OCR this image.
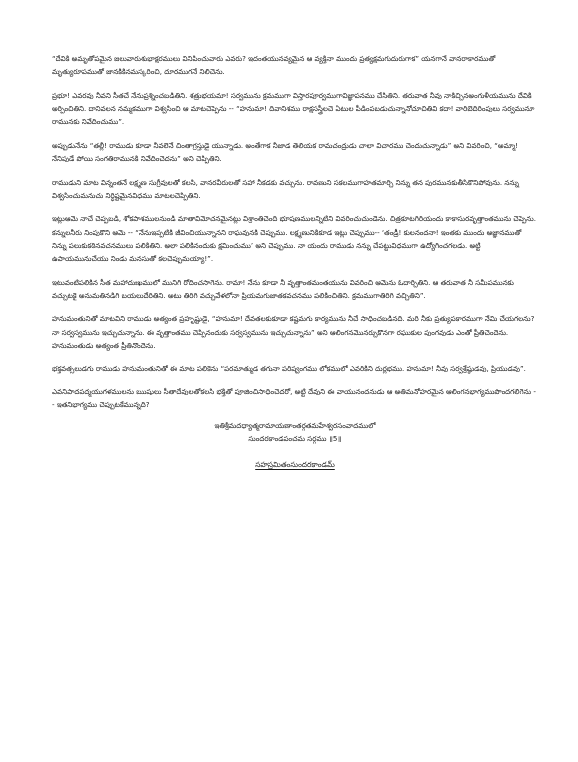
“దేవికి అమృతోపమైన జలువారుశుభాక్షరములు వినిపించువారు ఎవరు? ఇదంతయునవ్యమైన ఆ వ్యక్తినా ముందు ప్రత్యక్షమగుదురుగాక” యనగానే వానరాకారముతో మృత్యురూపముతో జానకికినమస్కరించి, దూరముగనే నిలిచెను.

ప్రభూ! ఎవరవు నీవని సీతచే నేనుప్రశ్నించబడితిని. శత్రుభయమా! సర్వమును క్రమముగా విస్తారపూర్వముగావిజ్ఞాపనము చేసితిని. తరువాత నీవు నాకిచ్చినఅంగుళీయమును దేవికి అర్పించితిని. దానివలన నమ్మకముగా విశ్వసించి ఆ మాటచెప్పెను -- “హనుమా! దివానిశము రాక్షసస్త్రీలచె ఏటుల పీడింపబడుచున్నానోచూచితివి కదా! వారిబెదిరింపులు సర్వమునూ రామునకు నివేదించుము”.

అప్పుడునేను “తల్లీ! రాముడు కూడా నీవలెనే చింతాగ్రస్తుడై యున్నాడు. అంతేగాక నీజాడ తెలియక రామచంద్రుడు చాలా విచారము చెందుచున్నాడు” అని వివరించి, “అమ్మా! నేనిపుడే పోయి సంగతిరామునకి నివేదించెదను” అని చెప్పితిని.

రాముడుని మాట విన్నంతనే లక్ష్మణ సుగ్రీవులతో కలసి, వానరవీరులతో సహా నీకడకు వచ్చును. రావణుని సకలముగాహతమార్చి నిన్ను తన పురమునకుతీసికొనిపోవును. నన్ను విశ్వసించుమనుచు నిర్ధిష్టమైనవిధము మాటలచెప్పితిని.

ఇట్లుఆమె నాచే చెప్పబడి, శోకపాశములనుండి మాతావిమోచనమైనట్లు విశ్రాంతిచెంది భూషణములన్నిటిని వివరించుచుండెను. చిత్రకూటగిరియందు కాకాసురవృత్తాంతమును చెప్పెను. కన్నులనీరు నింపుకొని ఆమె -- “నేనుఇప్పటికి జీవించియున్నానని రాఘవునకి చెప్పుము. లక్ష్మణునికికూడ ఇట్లు చెప్పుము-- ‘తండ్రీ! కులనందనా! ఇంతకు ముందు అజ్ఞానముతో నిన్ను పలుకుకఠినవచనములు పలికితిని. అలా పలికినందుకు క్షమించుము’ అని చెప్పుము. నా యందు రాముడు నన్ను చేపట్టువిధముగా ఉద్యోగించగలడు. అట్టి ఉపాయమునుచేయు నిండు మనసుతో కలచెప్పుమయ్యా!”.

ఇటువంటిపలికిన సీత మహాదుఃఖములో మునిగి రోదించసాగెను. రామా! నేను కూడా నీ వృత్తాంతమంతయును వివరించి ఆమెను ఓదార్చితిని. ఆ తరువాత నీ సమీపమునకు వచ్చుటకై అనుమతినడిగి బయలుదేరితిని. అటు తిరిగి వచ్చువేళలోనా ప్రియమగుజాతకవచనము పలికించితిని. క్రమముగాతిరిగి వచ్చితిని”.

హనుమంతునితో మాటవిని రాముడు అత్యంత ప్రహృష్టుడై, “హనుమా! దేవతలకుకూడా కష్టమగు కార్యమును నీచే సాధించబడినది. మరి నీకు ప్రత్యుపకారముగా నేమి చేయగలను? నా సర్వస్వమును ఇచ్చుచున్నాను. ఈ వృత్తాంతము చెప్పినందుకు సర్వస్వమును ఇచ్చుచున్నాను” అని ఆలింగనమొనర్చుకొనగా రఘుకుల పుంగవుడు ఎంతో ప్రీతిచెందెను. హనుమంతుడు అత్యంత ప్రీతినొందెను.

భక్తవత్సలుడగు రాముడు హనుమంతునితో ఈ మాట పలికెను “పరమాత్ముడ తగునా పరిష్వంగము లోకములో ఎవరికిని దుర్లభము. హనుమా! నీవు సర్వశ్రేష్ఠుడవు, ప్రియుడవు”.

ఎవనిపాదపద్మయుగళములను ఋషులు సీతాదేవులతోకలసి భక్తితో పూజించిసాధించెదరో, అట్టి దేవుని ఈ వాయునందనుడు ఆ అతిమనోహరమైన ఆలింగనభాగ్యముపొందగలిగెను -- ఇతనిభాగ్యము చెప్పుటకేమున్నది?

ఇతిశ్రీమదధ్యాత్మరామాయణాంతర్గతమహేశ్వరసంవాదములో
సుందరకాండపంచమ సర్గము ॥5॥
సహస్రమితంసుందరకాండమ్
